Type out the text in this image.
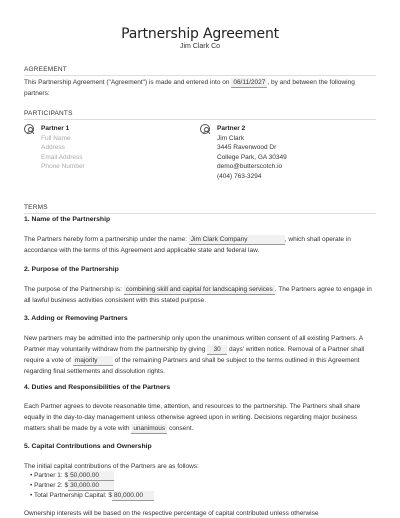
Partnership Agreement
Jim Clark Co
AGREEMENT
This Partnership Agreement ("Agreement") is made and entered into on 06/11/2027 , by and between the following partners:
PARTICIPANTS
Partner 1
Full Name
Address
Email Address
Phone Number
Partner 2
Jim Clark
3445 Ravenwood Dr
College Park, GA 30349
demo@butterscotch.io
(404) 763-3294
TERMS
1. Name of the Partnership
The Partners hereby form a partnership under the name: Jim Clark Company	, which shall operate in accordance with the terms of this Agreement and applicable state and federal law.
2. Purpose of the Partnership
The purpose of the Partnership is: combining skill and capital for landscaping services . The Partners agree to engage in all lawful business activities consistent with this stated purpose.
3. Adding or Removing Partners
New partners may be admitted into the partnership only upon the unanimous written consent of all existing Partners. A Partner may voluntarily withdraw from the partnership by giving 30 days' written notice. Removal of a Partner shall require a vote of majority	of the remaining Partners and shall be subject to the terms outlined in this Agreement regarding final settlements and dissolution rights.
4. Duties and Responsibilities of the Partners
Each Partner agrees to devote reasonable time, attention, and resources to the partnership. The Partners shall share equally in the day-to-day management unless otherwise agreed upon in writing. Decisions regarding major business matters shall be made by a vote with unanimous consent.
5. Capital Contributions and Ownership
The initial capital contributions of the Partners are as follows:
• Partner 1: $ 50,000.00
• Partner 2: $ 30,000.00
• Total Partnership Capital: $ 80,000.00
Ownership interests will be based on the respective percentage of capital contributed unless otherwise
